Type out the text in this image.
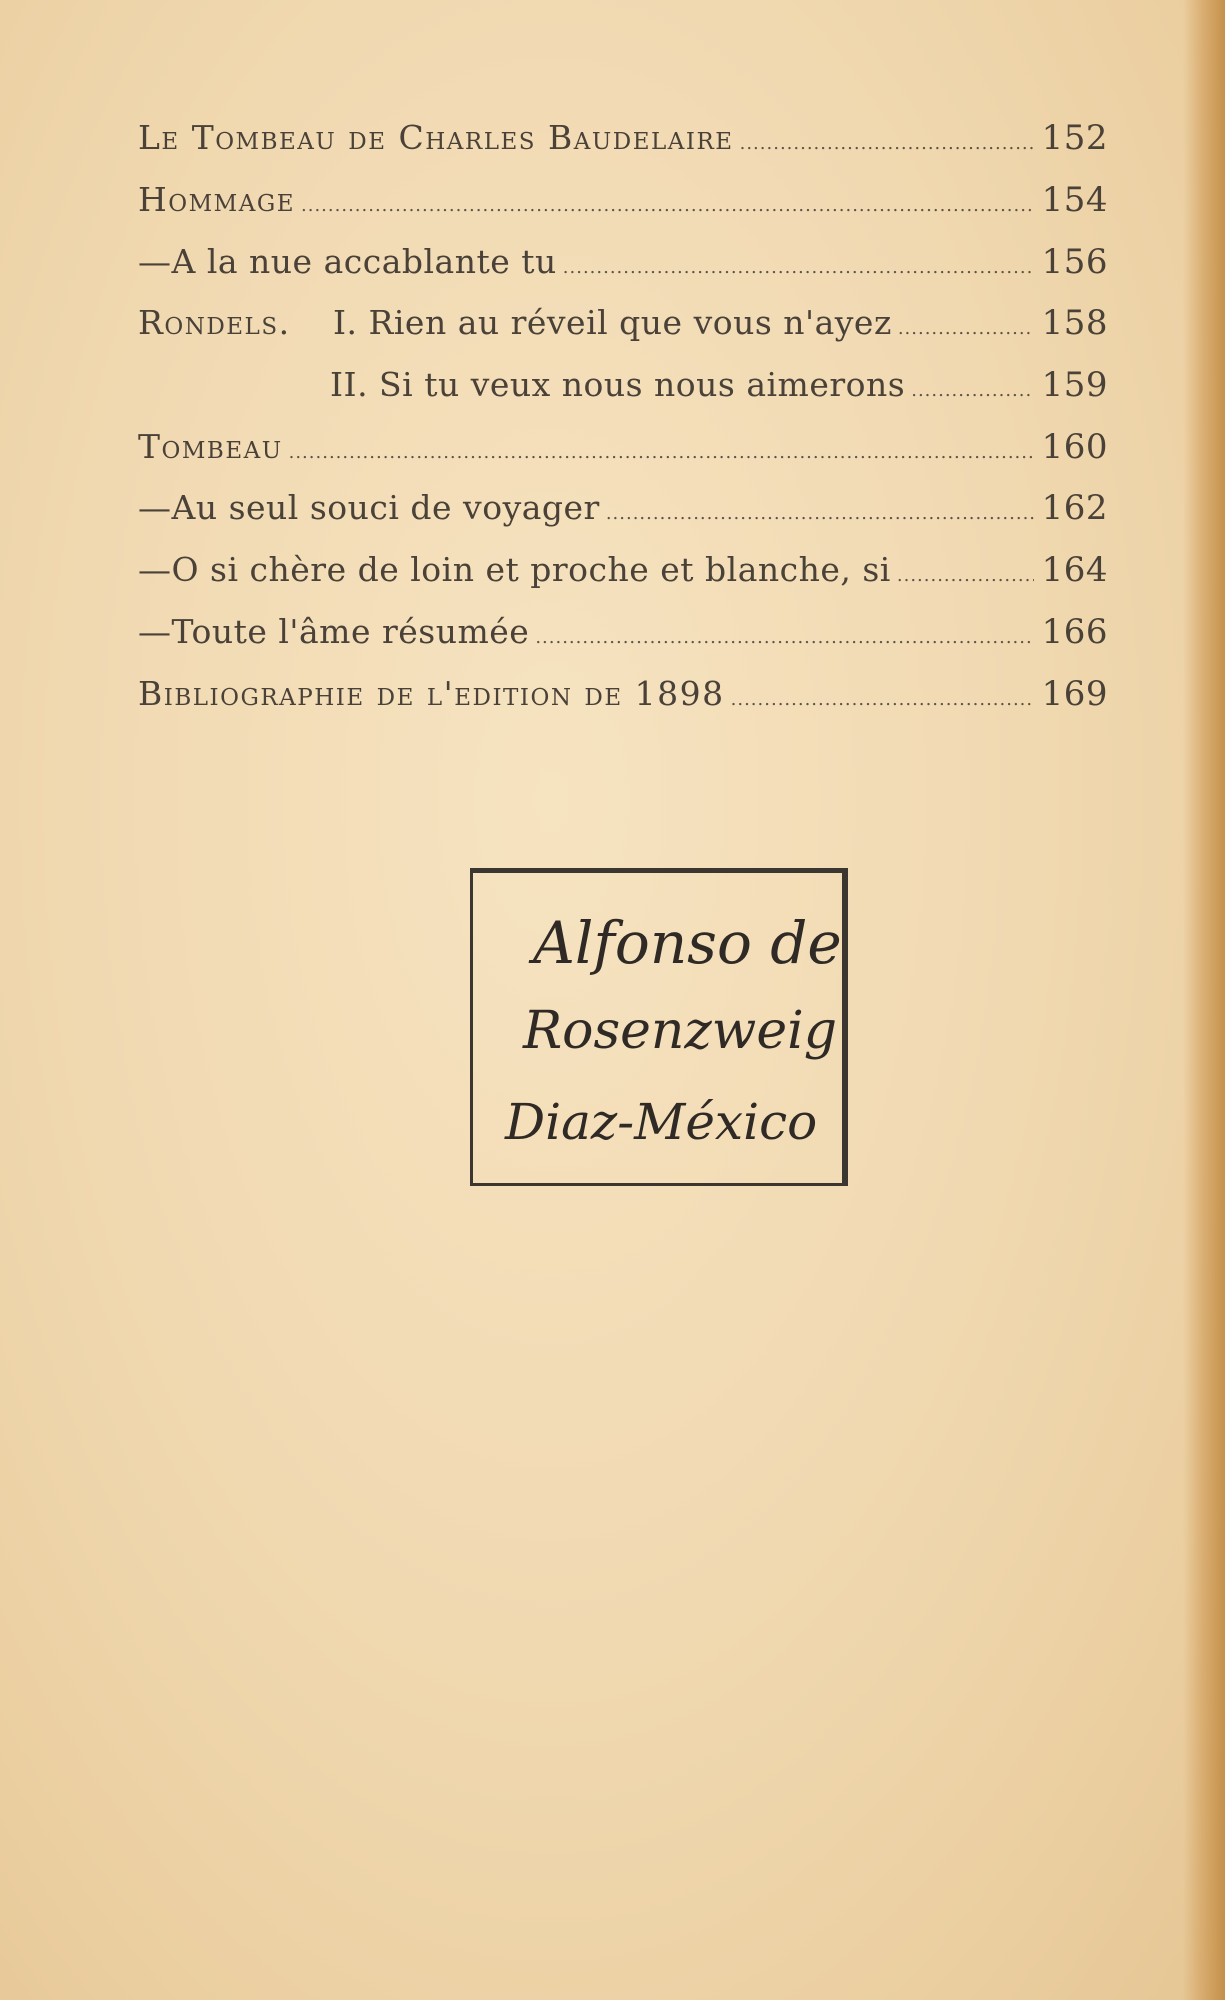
Le Tombeau de Charles Baudelaire .....	152
Hommage .....	154
—A la nue accablante tu .....	156
Rondels. I. Rien au réveil que vous n'ayez .....	158
II. Si tu veux nous nous aimerons .....	159
Tombeau .....	160
—Au seul souci de voyager .....	162
—O si chère de loin et proche et blanche, si .....	164
—Toute l'âme résumée .....	166
Bibliographie de l'edition de 1898 .....	169
Alfonso de
Rosenzweig
Diaz-México
